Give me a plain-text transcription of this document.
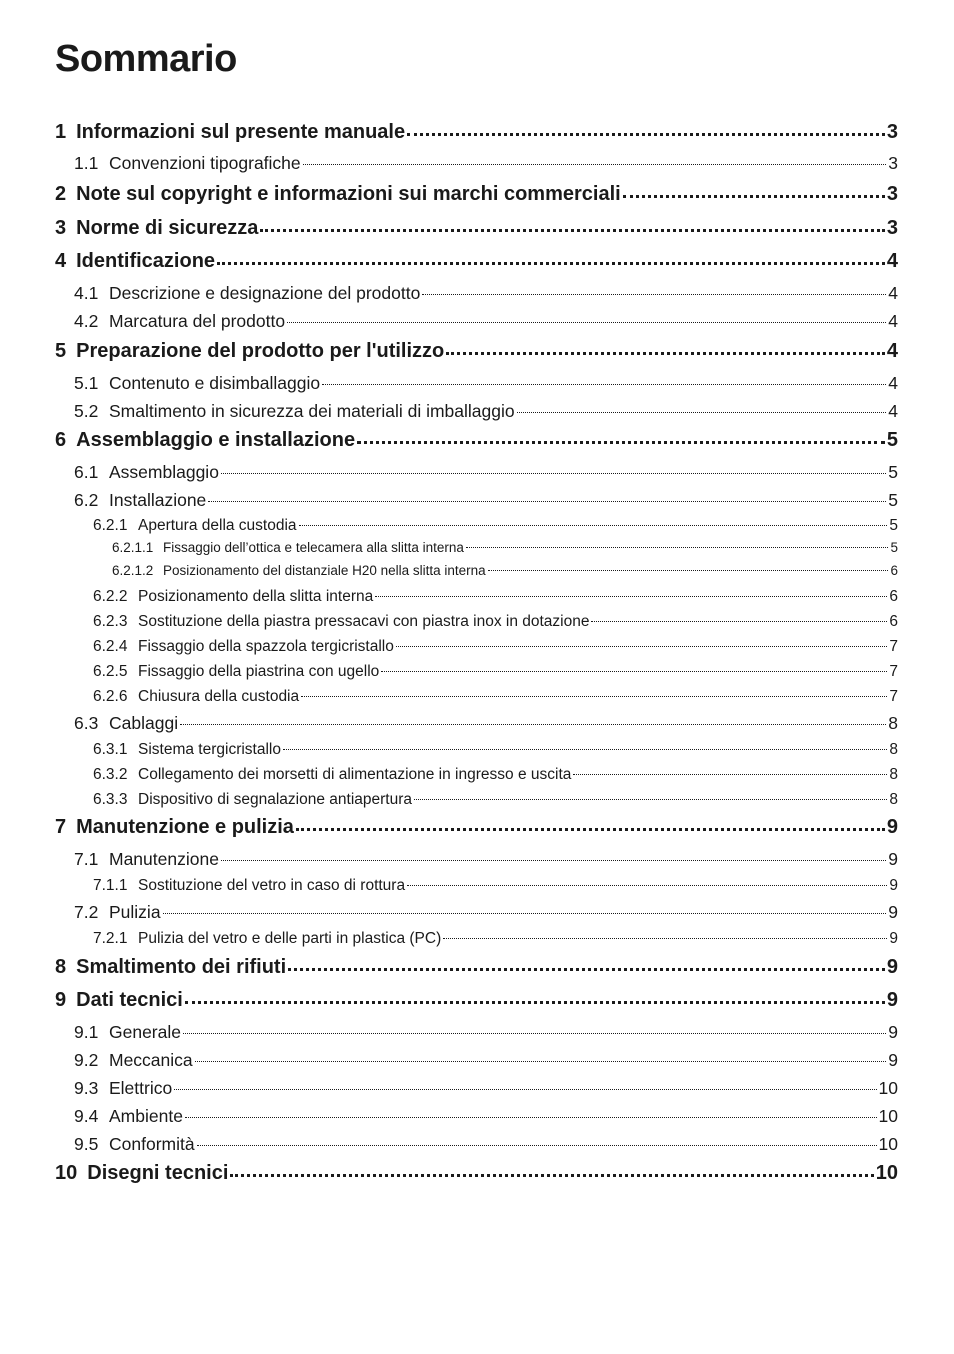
Sommario
1 Informazioni sul presente manuale	3
1.1 Convenzioni tipografiche	3
2 Note sul copyright e informazioni sui marchi commerciali	3
3 Norme di sicurezza	3
4 Identificazione	4
4.1 Descrizione e designazione del prodotto	4
4.2 Marcatura del prodotto	4
5 Preparazione del prodotto per l'utilizzo	4
5.1 Contenuto e disimballaggio	4
5.2 Smaltimento in sicurezza dei materiali di imballaggio	4
6 Assemblaggio e installazione	5
6.1 Assemblaggio	5
6.2 Installazione	5
6.2.1 Apertura della custodia	5
6.2.1.1 Fissaggio dell’ottica e telecamera alla slitta interna	5
6.2.1.2 Posizionamento del distanziale H20 nella slitta interna	6
6.2.2 Posizionamento della slitta interna	6
6.2.3 Sostituzione della piastra pressacavi con piastra inox in dotazione	6
6.2.4 Fissaggio della spazzola tergicristallo	7
6.2.5 Fissaggio della piastrina con ugello	7
6.2.6 Chiusura della custodia	7
6.3 Cablaggi	8
6.3.1 Sistema tergicristallo	8
6.3.2 Collegamento dei morsetti di alimentazione in ingresso e uscita	8
6.3.3 Dispositivo di segnalazione antiapertura	8
7 Manutenzione e pulizia	9
7.1 Manutenzione	9
7.1.1 Sostituzione del vetro in caso di rottura	9
7.2 Pulizia	9
7.2.1 Pulizia del vetro e delle parti in plastica (PC)	9
8 Smaltimento dei rifiuti	9
9 Dati tecnici	9
9.1 Generale	9
9.2 Meccanica	9
9.3 Elettrico	10
9.4 Ambiente	10
9.5 Conformità	10
10 Disegni tecnici	10
